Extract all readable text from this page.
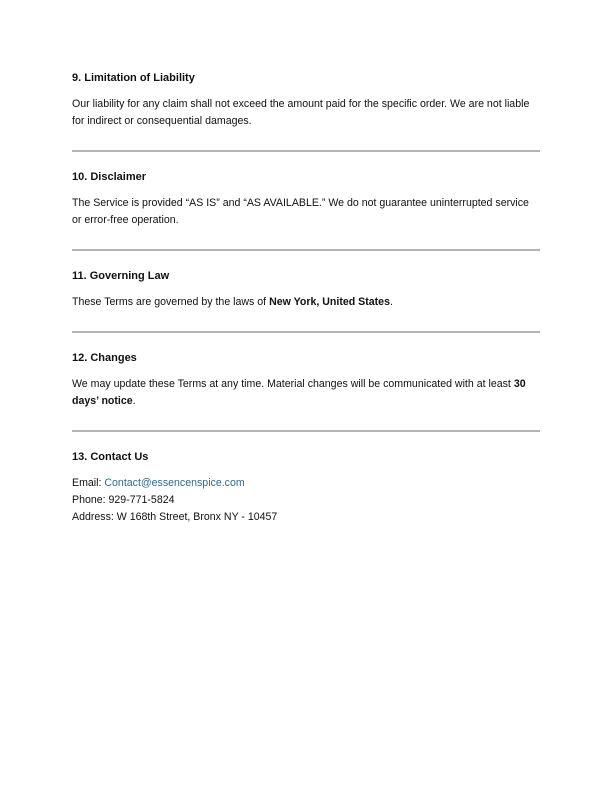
9. Limitation of Liability

Our liability for any claim shall not exceed the amount paid for the specific order. We are not liable for indirect or consequential damages.

10. Disclaimer

The Service is provided “AS IS” and “AS AVAILABLE.” We do not guarantee uninterrupted service or error-free operation.

11. Governing Law

These Terms are governed by the laws of New York, United States.

12. Changes

We may update these Terms at any time. Material changes will be communicated with at least 30 days’ notice.

13. Contact Us

Email: Contact@essencenspice.com
Phone: 929-771-5824
Address: W 168th Street, Bronx NY - 10457
